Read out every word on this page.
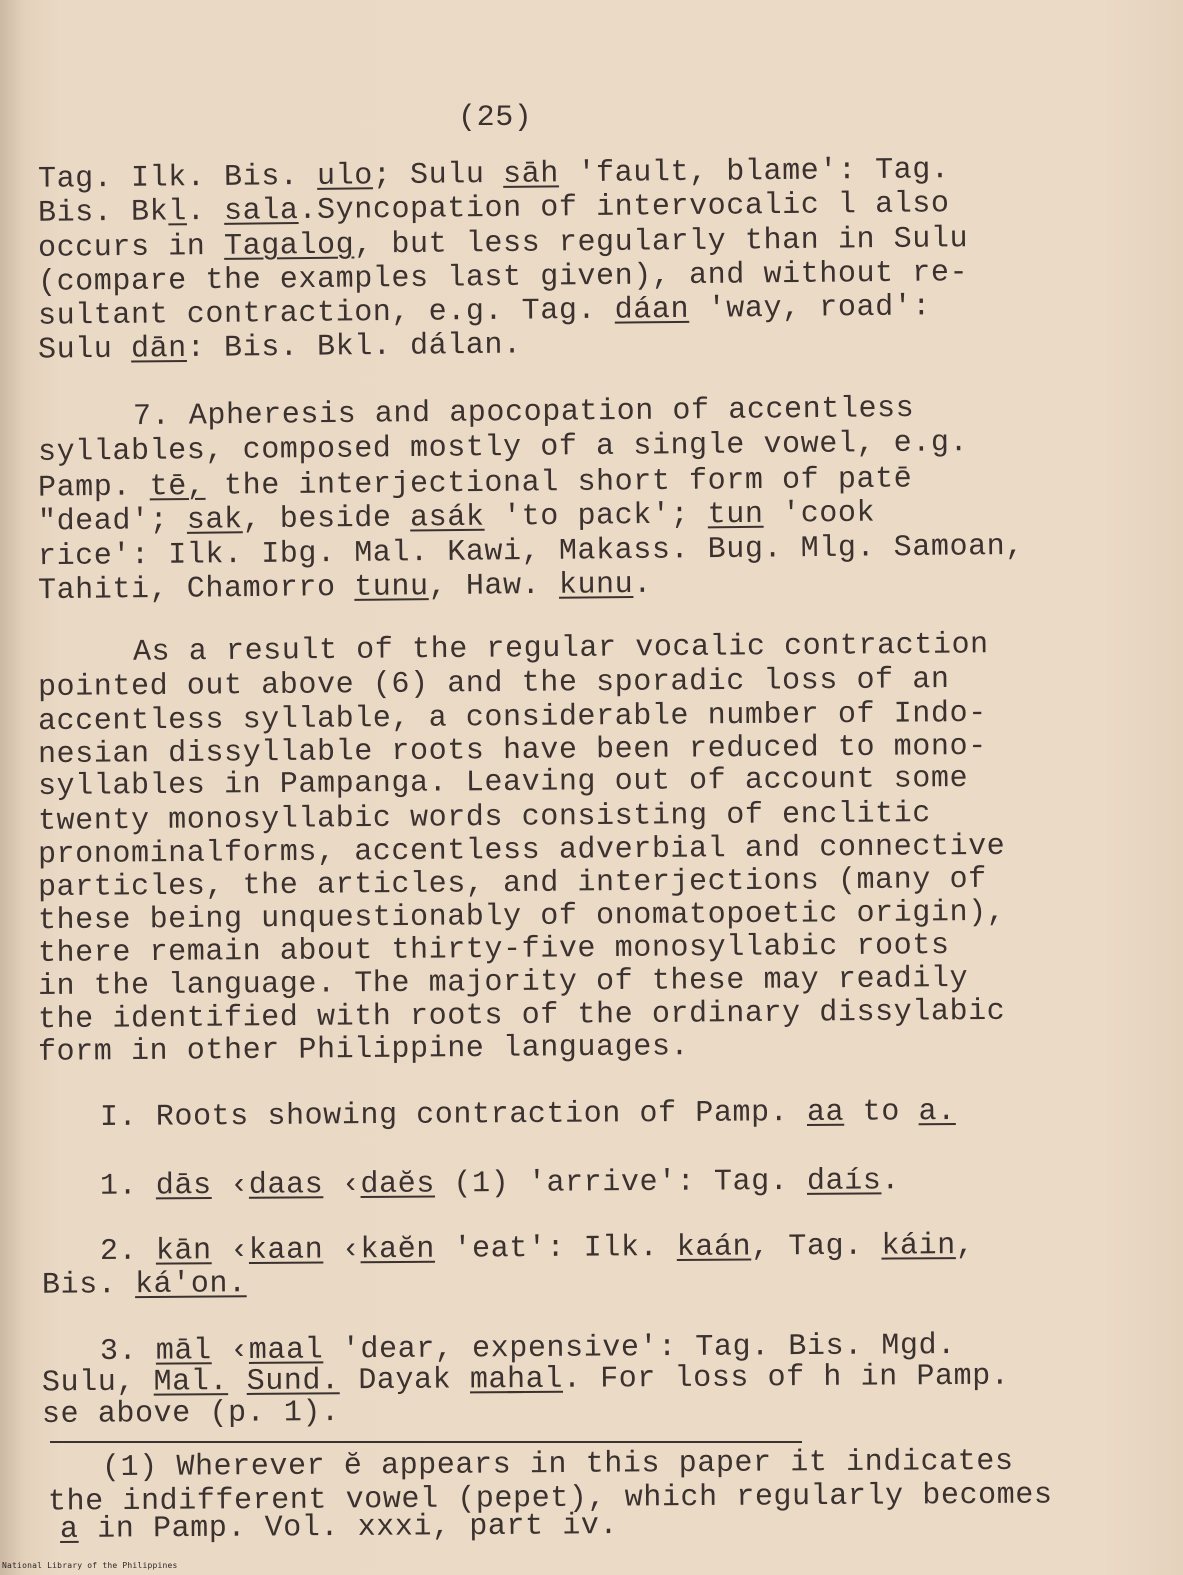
(25)
Tag. Ilk. Bis. ulo; Sulu sāh 'fault, blame': Tag.
Bis. Bkl. sala.Syncopation of intervocalic l also
occurs in Tagalog, but less regularly than in Sulu
(compare the examples last given), and without re-
sultant contraction, e.g. Tag. dáan 'way, road':
Sulu dān: Bis. Bkl. dálan.
7. Apheresis and apocopation of accentless
syllables, composed mostly of a single vowel, e.g.
Pamp. tē, the interjectional short form of patē
"dead'; sak, beside asák 'to pack'; tun 'cook
rice': Ilk. Ibg. Mal. Kawi, Makass. Bug. Mlg. Samoan,
Tahiti, Chamorro tunu, Haw. kunu.
As a result of the regular vocalic contraction
pointed out above (6) and the sporadic loss of an
accentless syllable, a considerable number of Indo-
nesian dissyllable roots have been reduced to mono-
syllables in Pampanga. Leaving out of account some
twenty monosyllabic words consisting of enclitic
pronominalforms, accentless adverbial and connective
particles, the articles, and interjections (many of
these being unquestionably of onomatopoetic origin),
there remain about thirty-five monosyllabic roots
in the language. The majority of these may readily
the identified with roots of the ordinary dissylabic
form in other Philippine languages.
I. Roots showing contraction of Pamp. aa to a.
1. dās ‹daas ‹daĕs (1) 'arrive': Tag. daís.
2. kān ‹kaan ‹kaĕn 'eat': Ilk. kaán, Tag. káin,
Bis. ká'on.
3. māl ‹maal 'dear, expensive': Tag. Bis. Mgd.
Sulu, Mal. Sund. Dayak mahal. For loss of h in Pamp.
se above (p. 1).
(1) Wherever ĕ appears in this paper it indicates
the indifferent vowel (pepet), which regularly becomes
a in Pamp. Vol. xxxi, part iv.
National Library of the Philippines
